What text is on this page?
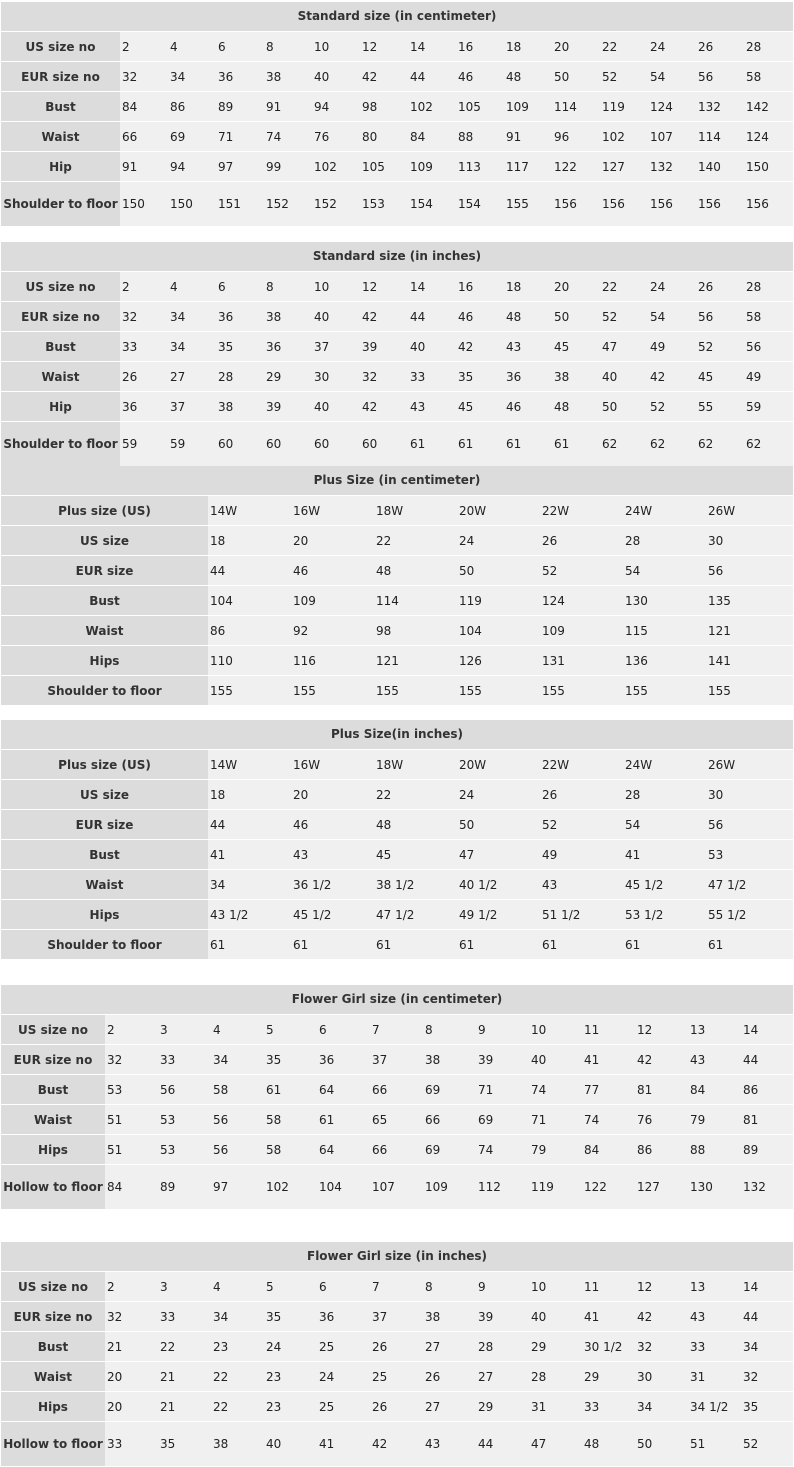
Standard size (in centimeter)
US size no	2	4	6	8	10	12	14	16	18	20	22	24	26	28
EUR size no	32	34	36	38	40	42	44	46	48	50	52	54	56	58
Bust	84	86	89	91	94	98	102	105	109	114	119	124	132	142
Waist	66	69	71	74	76	80	84	88	91	96	102	107	114	124
Hip	91	94	97	99	102	105	109	113	117	122	127	132	140	150
Shoulder to floor 150	150	151	152	152	153	154	154	155	156	156	156	156	156
Standard size (in inches)
US size no	2	4	6	8	10	12	14	16	18	20	22	24	26	28
EUR size no	32	34	36	38	40	42	44	46	48	50	52	54	56	58
Bust	33	34	35	36	37	39	40	42	43	45	47	49	52	56
Waist	26	27	28	29	30	32	33	35	36	38	40	42	45	49
Hip	36	37	38	39	40	42	43	45	46	48	50	52	55	59
Shoulder to floor 59	59	60	60	60	60	61	61	61	61	62	62	62	62
Plus Size (in centimeter)
Plus size (US)	14W	16W	18W	20W	22W	24W	26W
US size	18	20	22	24	26	28	30
EUR size	44	46	48	50	52	54	56
Bust	104	109	114	119	124	130	135
Waist	86	92	98	104	109	115	121
Hips	110	116	121	126	131	136	141
Shoulder to floor	155	155	155	155	155	155	155
Plus Size(in inches)
Plus size (US)	14W	16W	18W	20W	22W	24W	26W
US size	18	20	22	24	26	28	30
EUR size	44	46	48	50	52	54	56
Bust	41	43	45	47	49	41	53
Waist	34	36 1/2	38 1/2	40 1/2	43	45 1/2	47 1/2
Hips	43 1/2	45 1/2	47 1/2	49 1/2	51 1/2	53 1/2	55 1/2
Shoulder to floor	61	61	61	61	61	61	61
Flower Girl size (in centimeter)
US size no	2	3	4	5	6	7	8	9	10	11	12	13	14
EUR size no	32	33	34	35	36	37	38	39	40	41	42	43	44
Bust	53	56	58	61	64	66	69	71	74	77	81	84	86
Waist	51	53	56	58	61	65	66	69	71	74	76	79	81
Hips	51	53	56	58	64	66	69	74	79	84	86	88	89
Hollow to floor 84	89	97	102	104	107	109	112	119	122	127	130	132
Flower Girl size (in inches)
US size no	2	3	4	5	6	7	8	9	10	11	12	13	14
EUR size no	32	33	34	35	36	37	38	39	40	41	42	43	44
Bust	21	22	23	24	25	26	27	28	29	30 1/2	32	33	34
Waist	20	21	22	23	24	25	26	27	28	29	30	31	32
Hips	20	21	22	23	25	26	27	29	31	33	34	34 1/2	35
Hollow to floor 33	35	38	40	41	42	43	44	47	48	50	51	52
